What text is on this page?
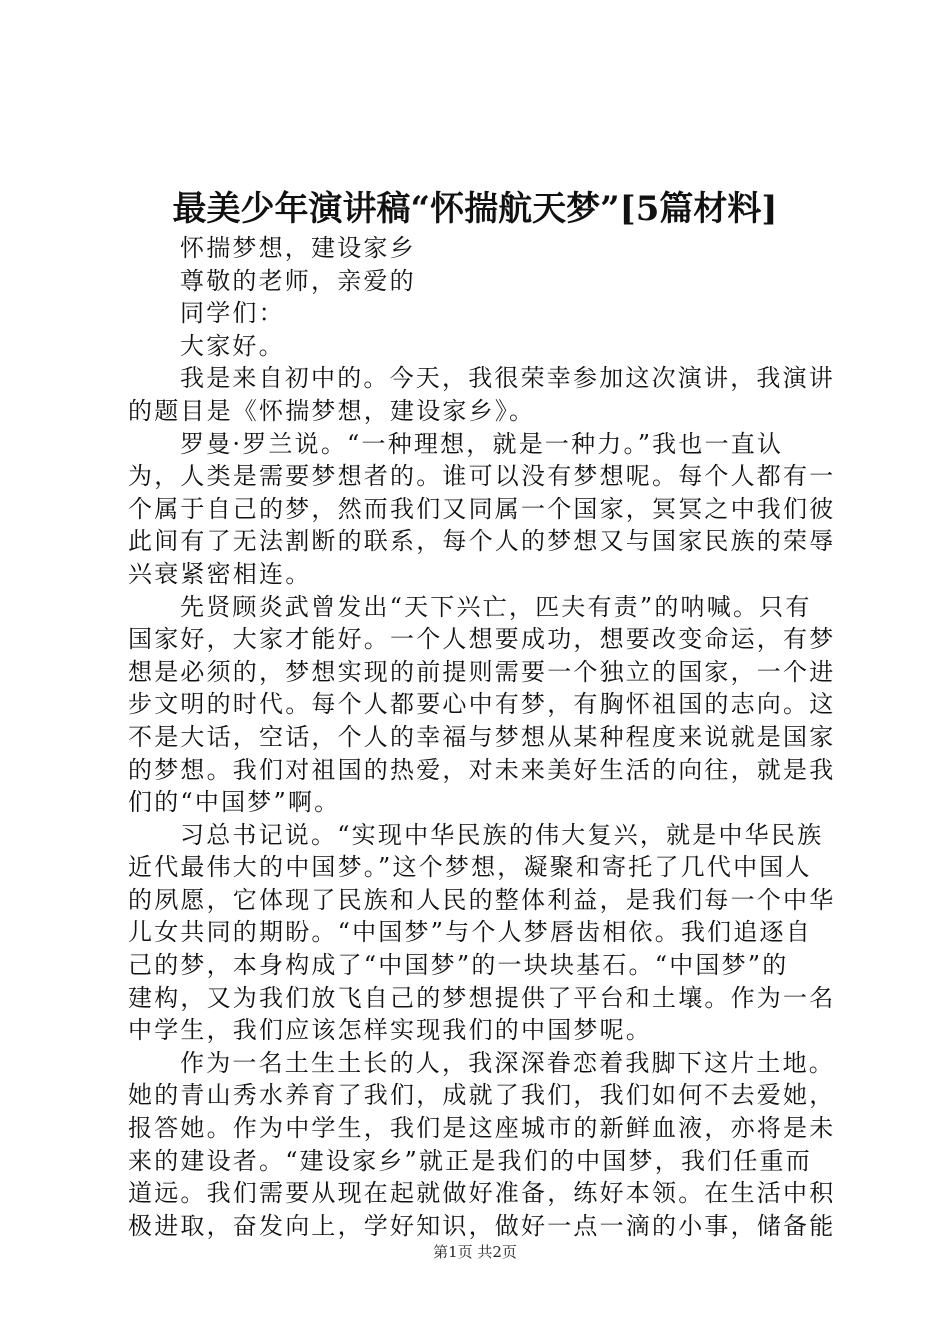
最美少年演讲稿“怀揣航天梦”[5篇材料]
怀揣梦想，建设家乡
尊敬的老师，亲爱的
同学们：
大家好。
我是来自初中的。今天，我很荣幸参加这次演讲，我演讲
的题目是《怀揣梦想，建设家乡》。
罗曼·罗兰说。“一种理想，就是一种力。”我也一直认
为，人类是需要梦想者的。谁可以没有梦想呢。每个人都有一
个属于自己的梦，然而我们又同属一个国家，冥冥之中我们彼
此间有了无法割断的联系，每个人的梦想又与国家民族的荣辱
兴衰紧密相连。
先贤顾炎武曾发出“天下兴亡，匹夫有责”的呐喊。只有
国家好，大家才能好。一个人想要成功，想要改变命运，有梦
想是必须的，梦想实现的前提则需要一个独立的国家，一个进
步文明的时代。每个人都要心中有梦，有胸怀祖国的志向。这
不是大话，空话，个人的幸福与梦想从某种程度来说就是国家
的梦想。我们对祖国的热爱，对未来美好生活的向往，就是我
们的“中国梦”啊。
习总书记说。“实现中华民族的伟大复兴，就是中华民族
近代最伟大的中国梦。”这个梦想，凝聚和寄托了几代中国人
的夙愿，它体现了民族和人民的整体利益，是我们每一个中华
儿女共同的期盼。“中国梦”与个人梦唇齿相依。我们追逐自
己的梦，本身构成了“中国梦”的一块块基石。“中国梦”的
建构，又为我们放飞自己的梦想提供了平台和土壤。作为一名
中学生，我们应该怎样实现我们的中国梦呢。
作为一名土生土长的人，我深深眷恋着我脚下这片土地。
她的青山秀水养育了我们，成就了我们，我们如何不去爱她，
报答她。作为中学生，我们是这座城市的新鲜血液，亦将是未
来的建设者。“建设家乡”就正是我们的中国梦，我们任重而
道远。我们需要从现在起就做好准备，练好本领。在生活中积
极进取，奋发向上，学好知识，做好一点一滴的小事，储备能
第1页 共2页
